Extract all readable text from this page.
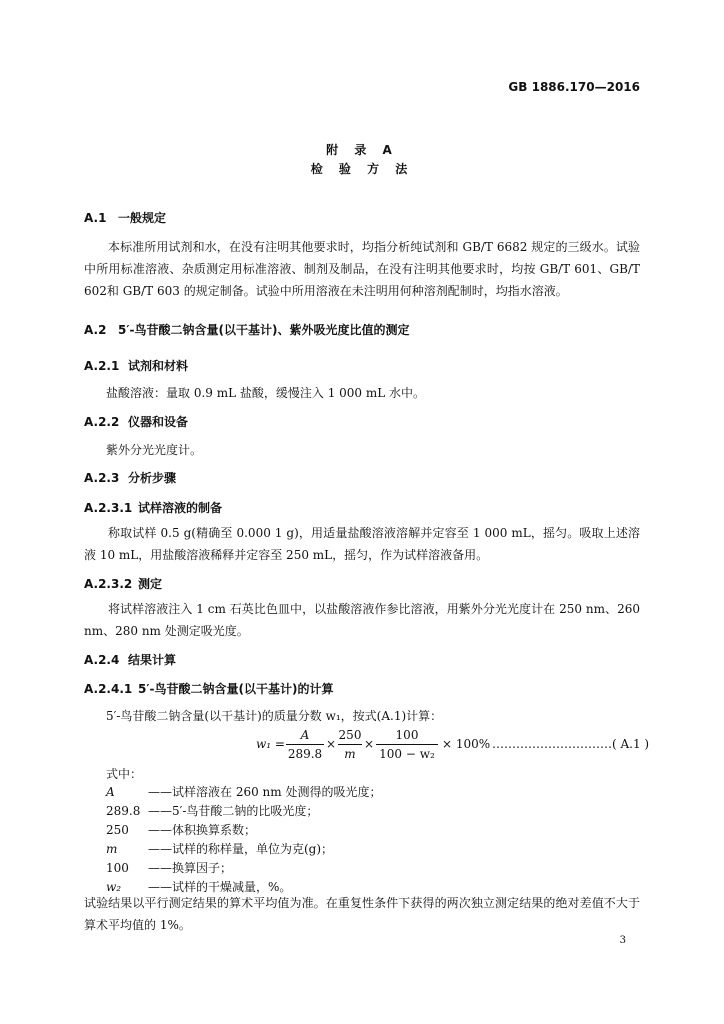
GB 1886.170—2016
附 录 A
检 验 方 法
A.1 一般规定
本标准所用试剂和水，在没有注明其他要求时，均指分析纯试剂和 GB/T 6682 规定的三级水。试验中所用标准溶液、杂质测定用标准溶液、制剂及制品，在没有注明其他要求时，均按 GB/T 601、GB/T 602和 GB/T 603 的规定制备。试验中所用溶液在未注明用何种溶剂配制时，均指水溶液。
A.2 5′-鸟苷酸二钠含量(以干基计)、紫外吸光度比值的测定
A.2.1 试剂和材料
盐酸溶液：量取 0.9 mL 盐酸，缓慢注入 1 000 mL 水中。
A.2.2 仪器和设备
紫外分光光度计。
A.2.3 分析步骤
A.2.3.1 试样溶液的制备
称取试样 0.5 g(精确至 0.000 1 g)，用适量盐酸溶液溶解并定容至 1 000 mL，摇匀。吸取上述溶液 10 mL，用盐酸溶液稀释并定容至 250 mL，摇匀，作为试样溶液备用。
A.2.3.2 测定
将试样溶液注入 1 cm 石英比色皿中，以盐酸溶液作参比溶液，用紫外分光光度计在 250 nm、260 nm、280 nm 处测定吸光度。
A.2.4 结果计算
A.2.4.1 5′-鸟苷酸二钠含量(以干基计)的计算
5′-鸟苷酸二钠含量(以干基计)的质量分数 w₁，按式(A.1)计算：
w₁ =
A
289.8
×
250
m
×
100
100 − w₂
× 100% …………………………( A.1 )
式中：
A	——试样溶液在 260 nm 处测得的吸光度；
289.8 ——5′-鸟苷酸二钠的比吸光度；
250 ——体积换算系数；
m	——试样的称样量，单位为克(g)；
100 ——换算因子；
w₂ ——试样的干燥减量，%。
试验结果以平行测定结果的算术平均值为准。在重复性条件下获得的两次独立测定结果的绝对差值不大于算术平均值的 1%。
3
